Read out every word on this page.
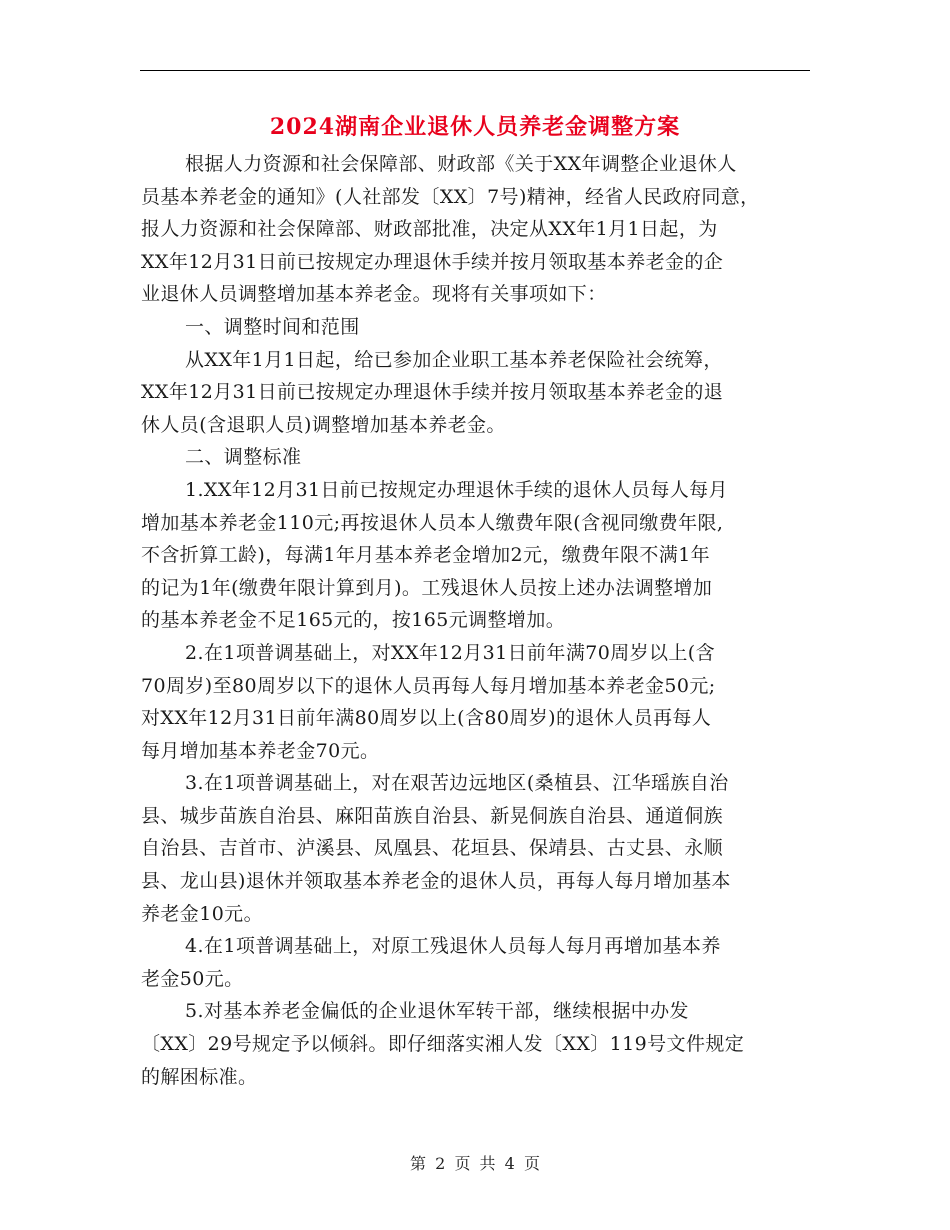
2024湖南企业退休人员养老金调整方案
根据人力资源和社会保障部、财政部《关于XX年调整企业退休人
员基本养老金的通知》(人社部发〔XX〕7号)精神，经省人民政府同意，
报人力资源和社会保障部、财政部批准，决定从XX年1月1日起，为
XX年12月31日前已按规定办理退休手续并按月领取基本养老金的企
业退休人员调整增加基本养老金。现将有关事项如下：
一、调整时间和范围
从XX年1月1日起，给已参加企业职工基本养老保险社会统筹，
XX年12月31日前已按规定办理退休手续并按月领取基本养老金的退
休人员(含退职人员)调整增加基本养老金。
二、调整标准
1.XX年12月31日前已按规定办理退休手续的退休人员每人每月
增加基本养老金110元;再按退休人员本人缴费年限(含视同缴费年限,
不含折算工龄)，每满1年月基本养老金增加2元，缴费年限不满1年
的记为1年(缴费年限计算到月)。工残退休人员按上述办法调整增加
的基本养老金不足165元的，按165元调整增加。
2.在1项普调基础上，对XX年12月31日前年满70周岁以上(含
70周岁)至80周岁以下的退休人员再每人每月增加基本养老金50元;
对XX年12月31日前年满80周岁以上(含80周岁)的退休人员再每人
每月增加基本养老金70元。
3.在1项普调基础上，对在艰苦边远地区(桑植县、江华瑶族自治
县、城步苗族自治县、麻阳苗族自治县、新晃侗族自治县、通道侗族
自治县、吉首市、泸溪县、凤凰县、花垣县、保靖县、古丈县、永顺
县、龙山县)退休并领取基本养老金的退休人员，再每人每月增加基本
养老金10元。
4.在1项普调基础上，对原工残退休人员每人每月再增加基本养
老金50元。
5.对基本养老金偏低的企业退休军转干部，继续根据中办发
〔XX〕29号规定予以倾斜。即仔细落实湘人发〔XX〕119号文件规定
的解困标准。
第 2 页 共 4 页
